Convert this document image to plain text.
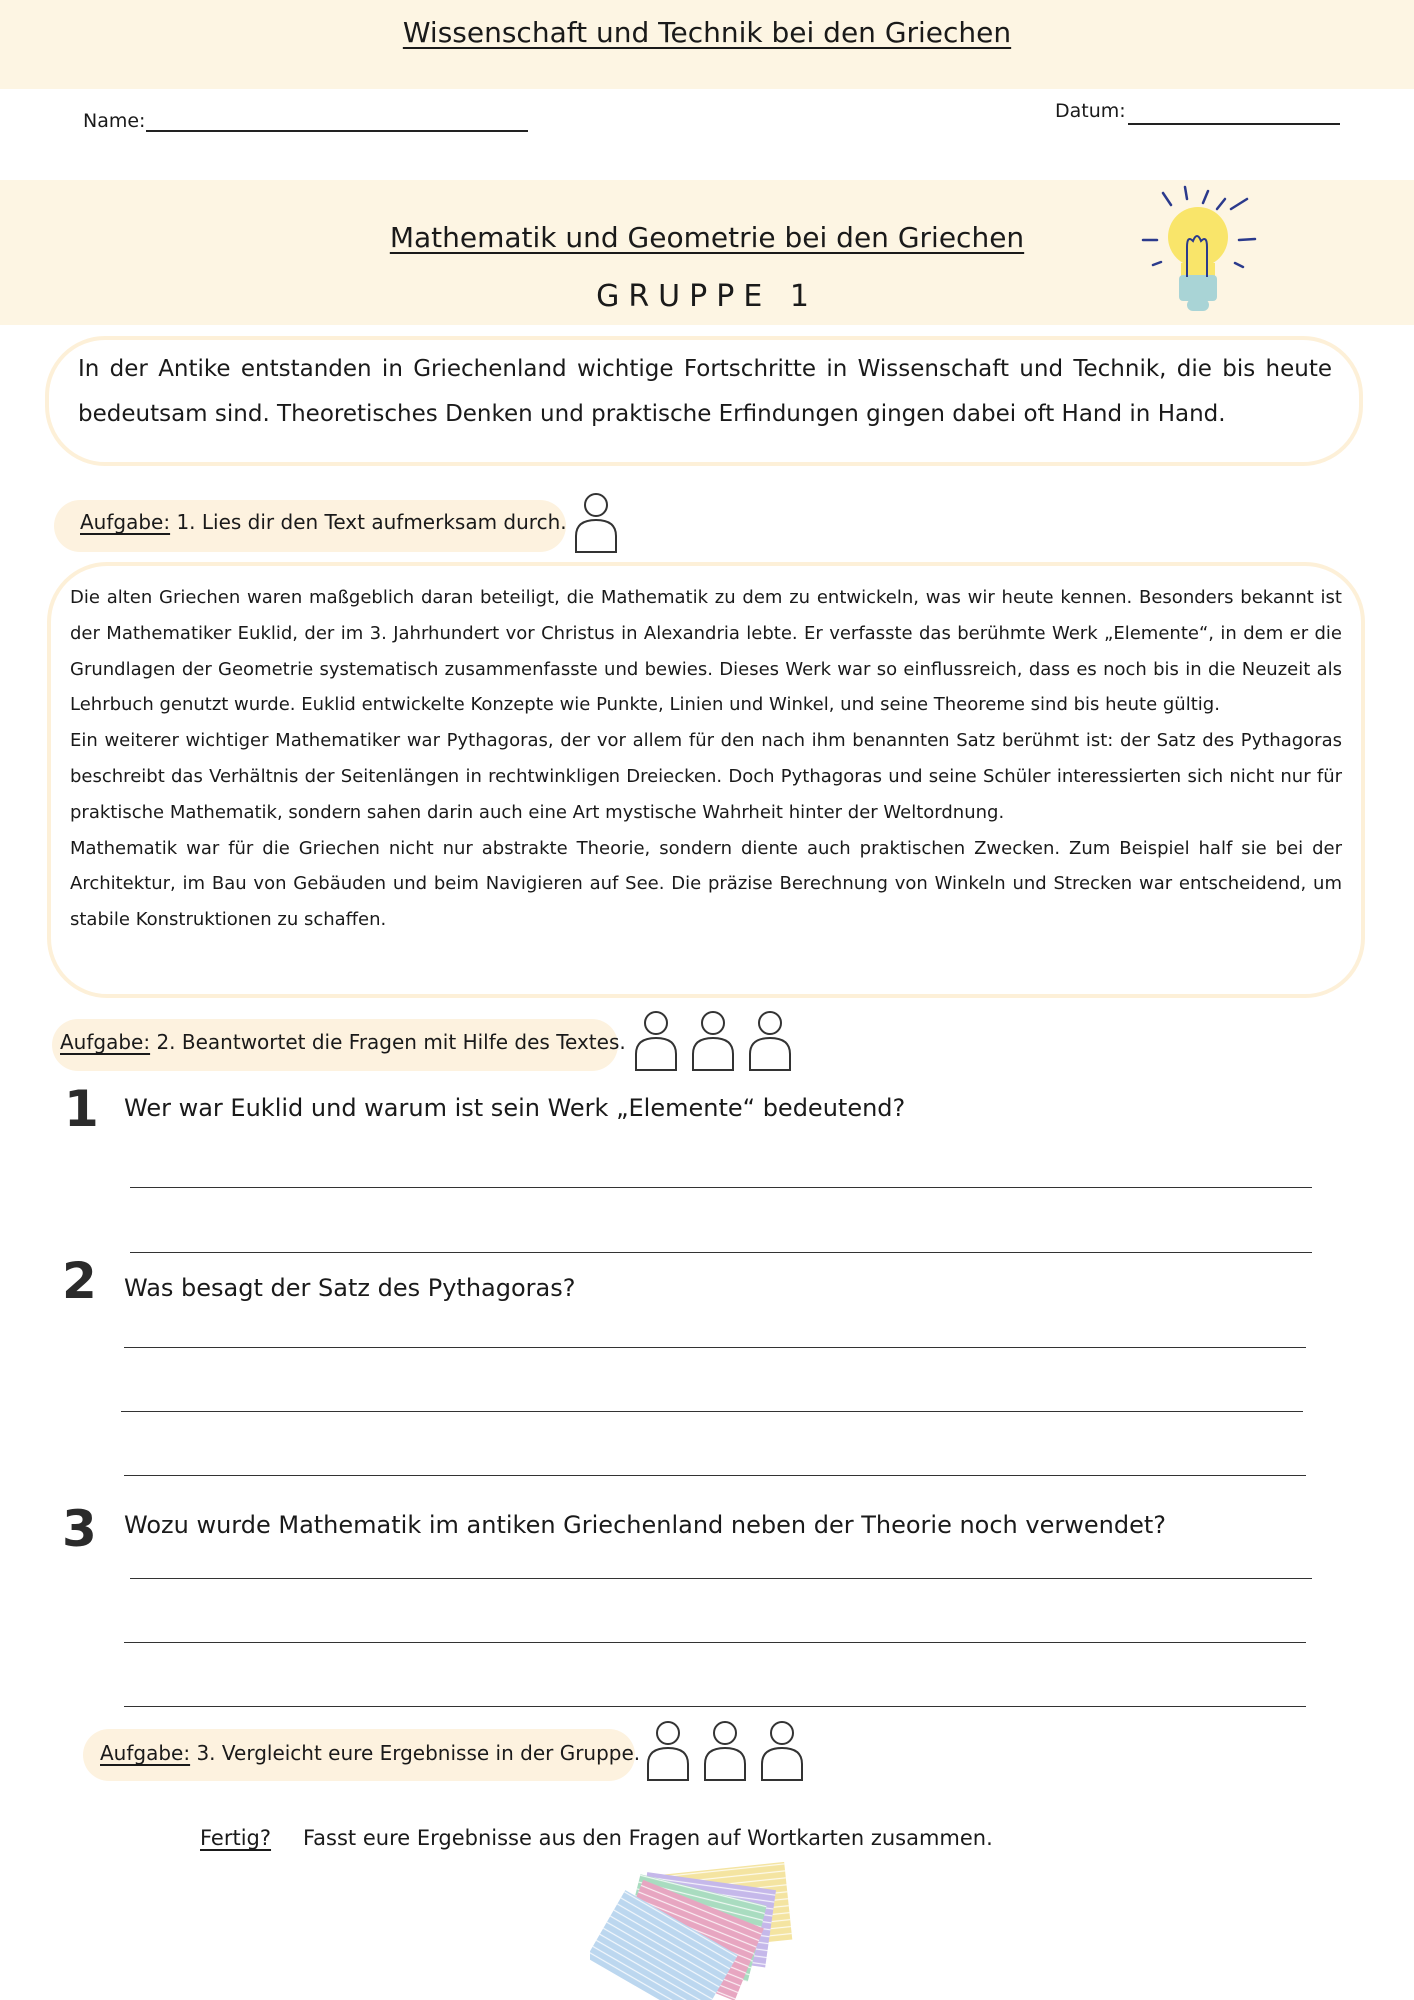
Wissenschaft und Technik bei den Griechen
Name:	Datum:
Mathematik und Geometrie bei den Griechen
GRUPPE 1
In der Antike entstanden in Griechenland wichtige Fortschritte in Wissenschaft und Technik, die bis heute bedeutsam sind. Theoretisches Denken und praktische Erfindungen gingen dabei oft Hand in Hand.
Aufgabe: 1. Lies dir den Text aufmerksam durch.

Die alten Griechen waren maßgeblich daran beteiligt, die Mathematik zu dem zu entwickeln, was wir heute kennen. Besonders bekannt ist der Mathematiker Euklid, der im 3. Jahrhundert vor Christus in Alexandria lebte. Er verfasste das berühmte Werk „Elemente“, in dem er die Grundlagen der Geometrie systematisch zusammenfasste und bewies. Dieses Werk war so einflussreich, dass es noch bis in die Neuzeit als Lehrbuch genutzt wurde. Euklid entwickelte Konzepte wie Punkte, Linien und Winkel, und seine Theoreme sind bis heute gültig.

Ein weiterer wichtiger Mathematiker war Pythagoras, der vor allem für den nach ihm benannten Satz berühmt ist: der Satz des Pythagoras beschreibt das Verhältnis der Seitenlängen in rechtwinkligen Dreiecken. Doch Pythagoras und seine Schüler interessierten sich nicht nur für praktische Mathematik, sondern sahen darin auch eine Art mystische Wahrheit hinter der Weltordnung.

Mathematik war für die Griechen nicht nur abstrakte Theorie, sondern diente auch praktischen Zwecken. Zum Beispiel half sie bei der Architektur, im Bau von Gebäuden und beim Navigieren auf See. Die präzise Berechnung von Winkeln und Strecken war entscheidend, um stabile Konstruktionen zu schaffen.

Aufgabe: 2. Beantwortet die Fragen mit Hilfe des Textes.
1 Wer war Euklid und warum ist sein Werk „Elemente“ bedeutend?
2 Was besagt der Satz des Pythagoras?
3 Wozu wurde Mathematik im antiken Griechenland neben der Theorie noch verwendet?
Aufgabe: 3. Vergleicht eure Ergebnisse in der Gruppe.
Fertig? Fasst eure Ergebnisse aus den Fragen auf Wortkarten zusammen.
